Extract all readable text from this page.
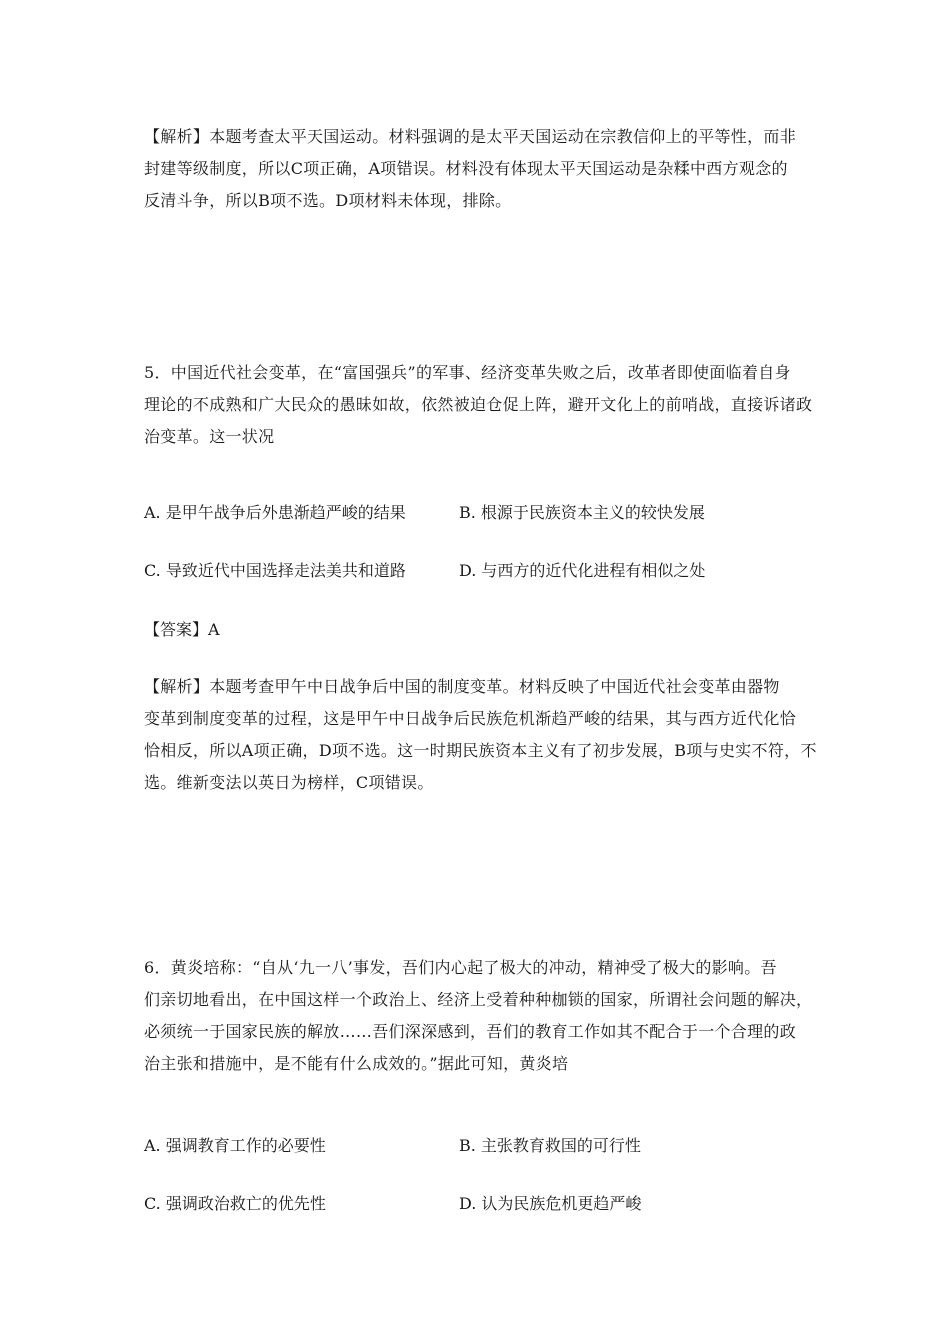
【解析】本题考查太平天国运动。材料强调的是太平天国运动在宗教信仰上的平等性，而非
封建等级制度，所以C项正确，A项错误。材料没有体现太平天国运动是杂糅中西方观念的
反清斗争，所以B项不选。D项材料未体现，排除。
5．中国近代社会变革，在“富国强兵”的军事、经济变革失败之后，改革者即使面临着自身
理论的不成熟和广大民众的愚昧如故，依然被迫仓促上阵，避开文化上的前哨战，直接诉诸政
治变革。这一状况
A. 是甲午战争后外患渐趋严峻的结果	B. 根源于民族资本主义的较快发展
C. 导致近代中国选择走法美共和道路	D. 与西方的近代化进程有相似之处
【答案】A
【解析】本题考查甲午中日战争后中国的制度变革。材料反映了中国近代社会变革由器物
变革到制度变革的过程，这是甲午中日战争后民族危机渐趋严峻的结果，其与西方近代化恰
恰相反，所以A项正确，D项不选。这一时期民族资本主义有了初步发展，B项与史实不符，不
选。维新变法以英日为榜样，C项错误。
6．黄炎培称：“自从‘九一八’事发，吾们内心起了极大的冲动，精神受了极大的影响。吾
们亲切地看出，在中国这样一个政治上、经济上受着种种枷锁的国家，所谓社会问题的解决，
必须统一于国家民族的解放……吾们深深感到，吾们的教育工作如其不配合于一个合理的政
治主张和措施中，是不能有什么成效的。”据此可知，黄炎培
A. 强调教育工作的必要性	B. 主张教育救国的可行性
C. 强调政治救亡的优先性	D. 认为民族危机更趋严峻
